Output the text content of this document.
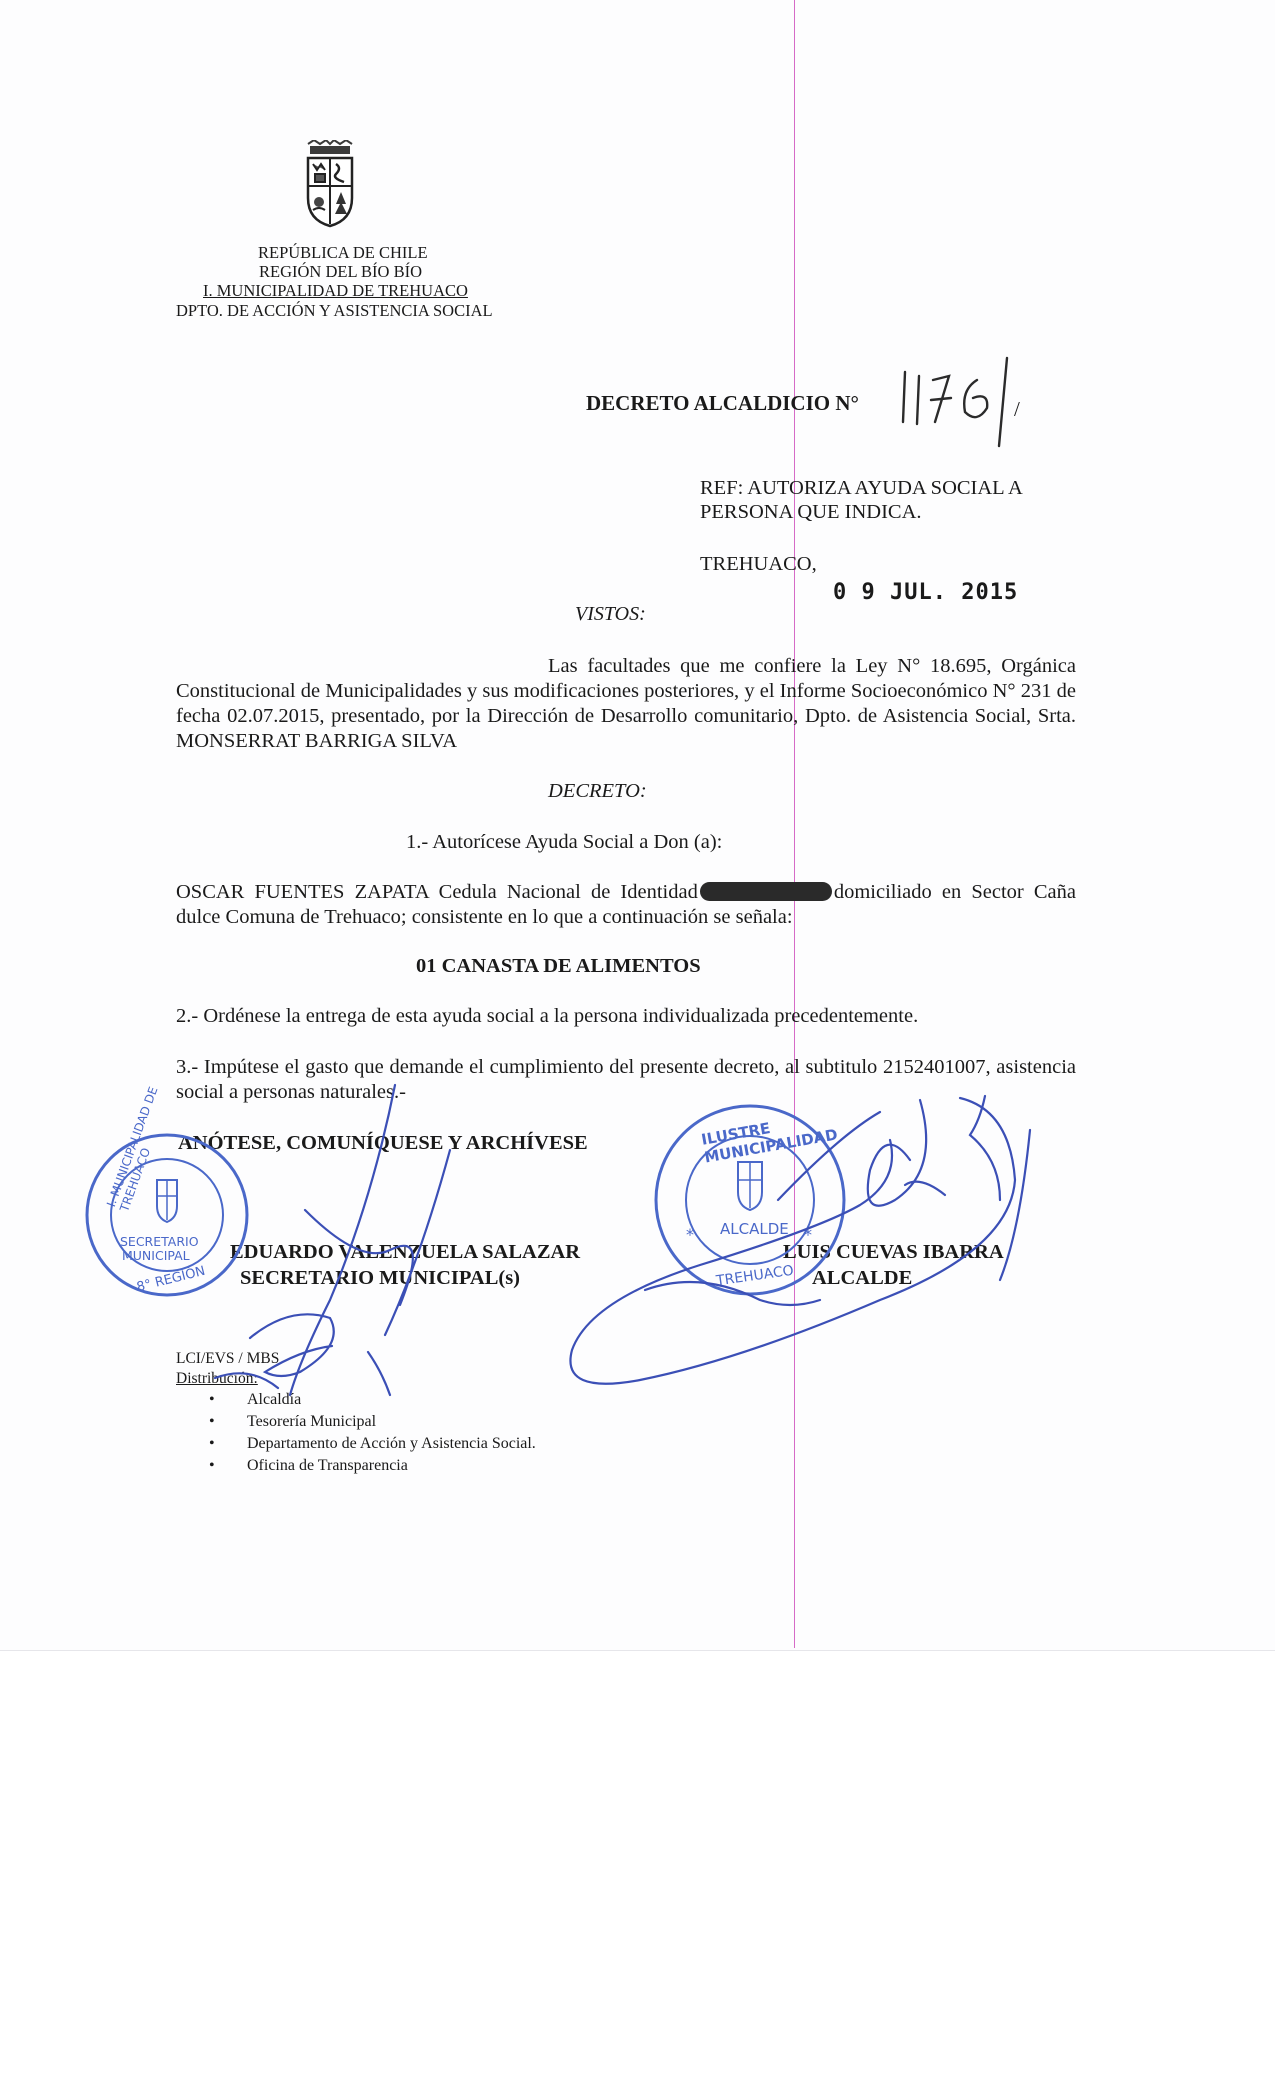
REPÚBLICA DE CHILE

REGIÓN DEL BÍO BÍO

I. MUNICIPALIDAD DE TREHUACO

DPTO. DE ACCIÓN Y ASISTENCIA SOCIAL

DECRETO ALCALDICIO N°	/

REF: AUTORIZA AYUDA SOCIAL A

PERSONA QUE INDICA.

TREHUACO,

0 9 JUL. 2015

VISTOS:

Las facultades que me confiere la Ley N° 18.695, Orgánica Constitucional de Municipalidades y sus modificaciones posteriores, y el Informe Socioeconómico N° 231 de fecha 02.07.2015, presentado, por la Dirección de Desarrollo comunitario, Dpto. de Asistencia Social, Srta. MONSERRAT BARRIGA SILVA

DECRETO:

1.- Autorícese Ayuda Social a Don (a):

OSCAR FUENTES ZAPATA Cedula Nacional de Identidad	domiciliado en Sector Caña dulce Comuna de Trehuaco; consistente en lo que a continuación se señala:

01 CANASTA DE ALIMENTOS

2.- Ordénese la entrega de esta ayuda social a la persona individualizada precedentemente.

3.- Impútese el gasto que demande el cumplimiento del presente decreto, al subtitulo 2152401007, asistencia social a personas naturales.-

ANÓTESE, COMUNÍQUESE Y ARCHÍVESE

EDUARDO VALENZUELA SALAZAR

SECRETARIO MUNICIPAL(s)

LUIS CUEVAS IBARRA

ALCALDE

LCI/EVS / MBS

Distribución:

• Alcaldía
• Tesorería Municipal
• Departamento de Acción y Asistencia Social.
• Oficina de Transparencia
I. MUNICIPALIDAD DE TREHUACO
SECRETARIO
MUNICIPAL
8° REGIÓN
*	*
ILUSTRE MUNICIPALIDAD
ALCALDE
TREHUACO
